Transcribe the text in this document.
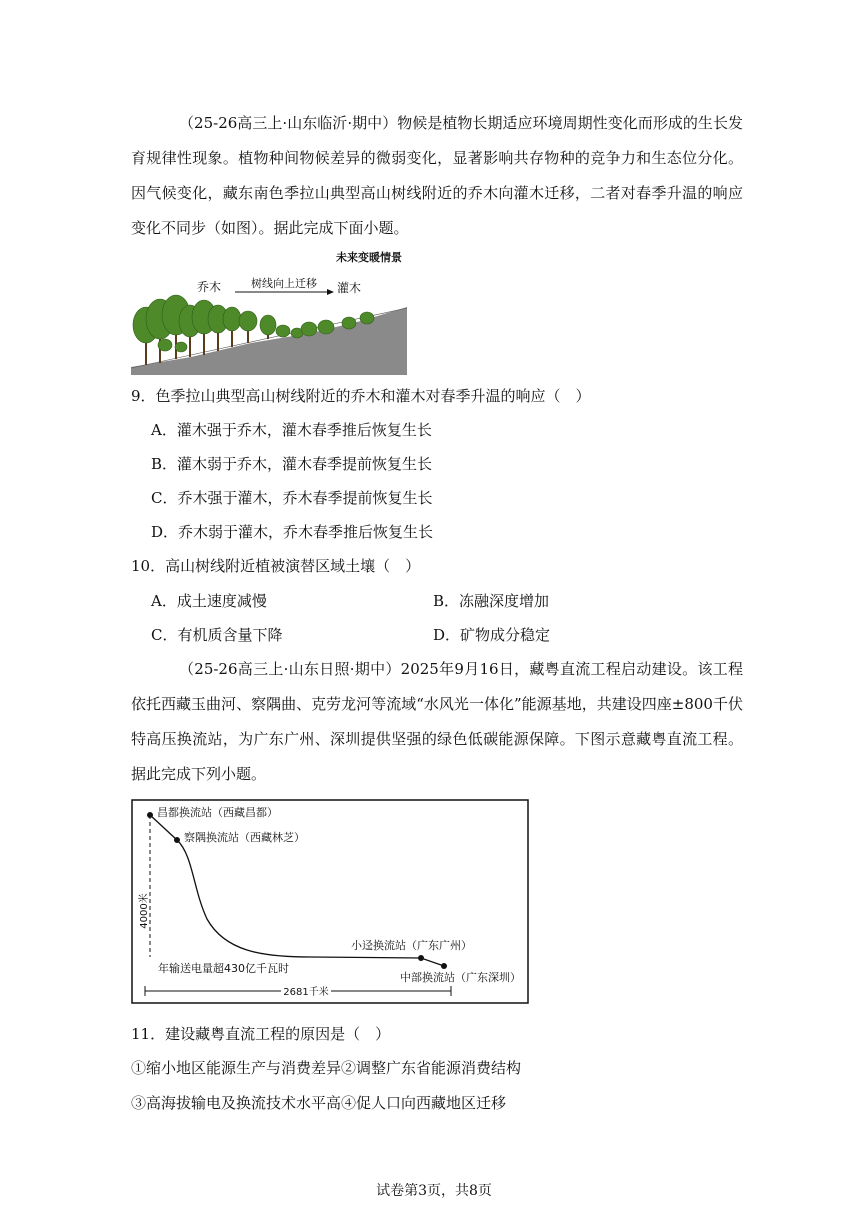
（25-26高三上·山东临沂·期中）物候是植物长期适应环境周期性变化而形成的生长发育规律性现象。植物种间物候差异的微弱变化，显著影响共存物种的竞争力和生态位分化。因气候变化，藏东南色季拉山典型高山树线附近的乔木向灌木迁移，二者对春季升温的响应变化不同步（如图）。据此完成下面小题。
未来变暖情景
乔木	树线向上迁移 灌木
9．色季拉山典型高山树线附近的乔木和灌木对春季升温的响应（　）
A．灌木强于乔木，灌木春季推后恢复生长
B．灌木弱于乔木，灌木春季提前恢复生长
C．乔木强于灌木，乔木春季提前恢复生长
D．乔木弱于灌木，乔木春季推后恢复生长
10．高山树线附近植被演替区域土壤（　）
A．成土速度减慢	B．冻融深度增加
C．有机质含量下降	D．矿物成分稳定
（25-26高三上·山东日照·期中）2025年9月16日，藏粤直流工程启动建设。该工程依托西藏玉曲河、察隅曲、克劳龙河等流域“水风光一体化”能源基地，共建设四座±800千伏特高压换流站，为广东广州、深圳提供坚强的绿色低碳能源保障。下图示意藏粤直流工程。据此完成下列小题。
昌都换流站（西藏昌都）
察隅换流站（西藏林芝）
小迳换流站（广东广州）
中部换流站（广东深圳）
4000米
年输送电量超430亿千瓦时
2681千米
11．建设藏粤直流工程的原因是（　）
①缩小地区能源生产与消费差异②调整广东省能源消费结构
③高海拔输电及换流技术水平高④促人口向西藏地区迁移
试卷第3页，共8页
